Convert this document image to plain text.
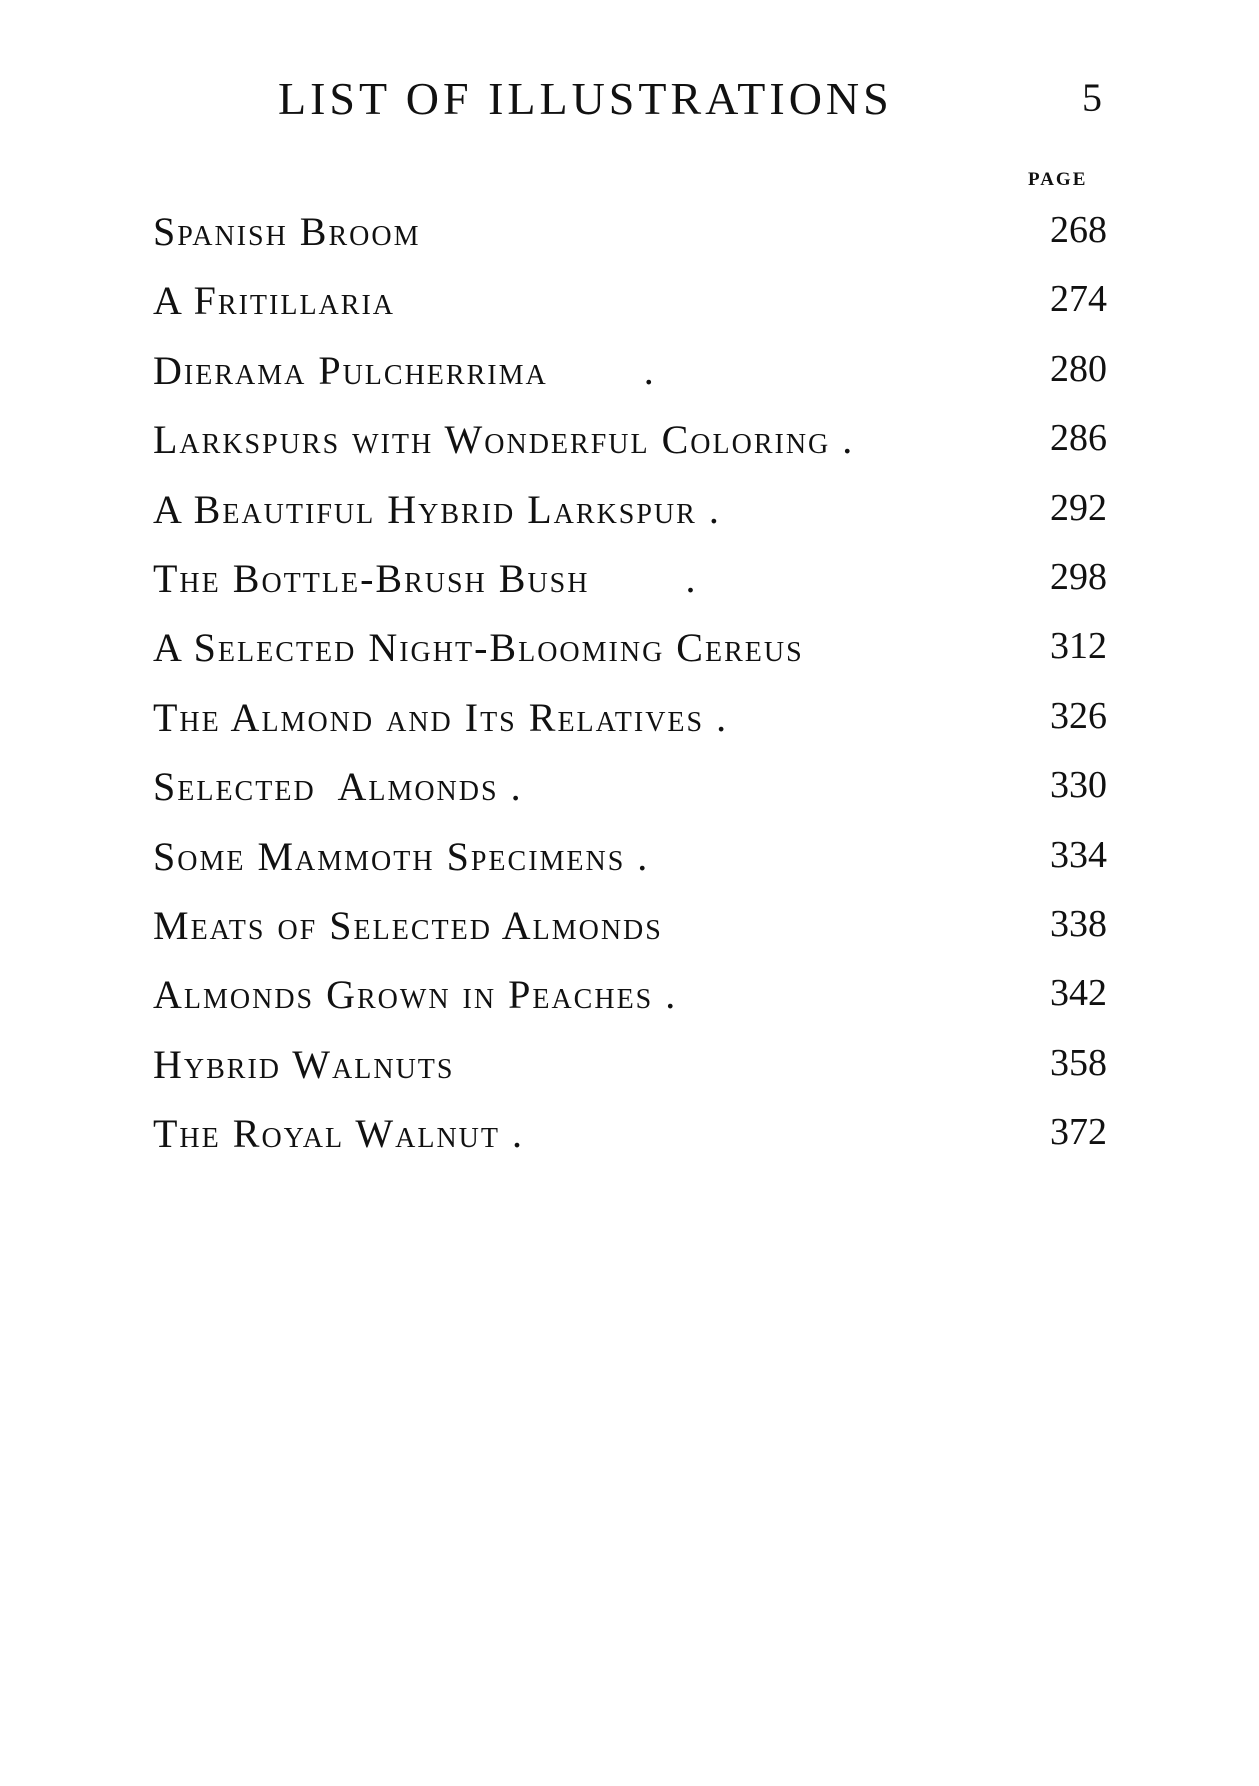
LIST OF ILLUSTRATIONS	5
PAGE
Spanish Broom	268
A Fritillaria	274
Dierama Pulcherrima        .	280
Larkspurs with Wonderful Coloring .	286
A Beautiful Hybrid Larkspur .	292
The Bottle-Brush Bush        .	298
A Selected Night-Blooming Cereus	312
The Almond and Its Relatives .	326
Selected  Almonds .	330
Some Mammoth Specimens .	334
Meats of Selected Almonds	338
Almonds Grown in Peaches .	342
Hybrid Walnuts	358
The Royal Walnut .	372
